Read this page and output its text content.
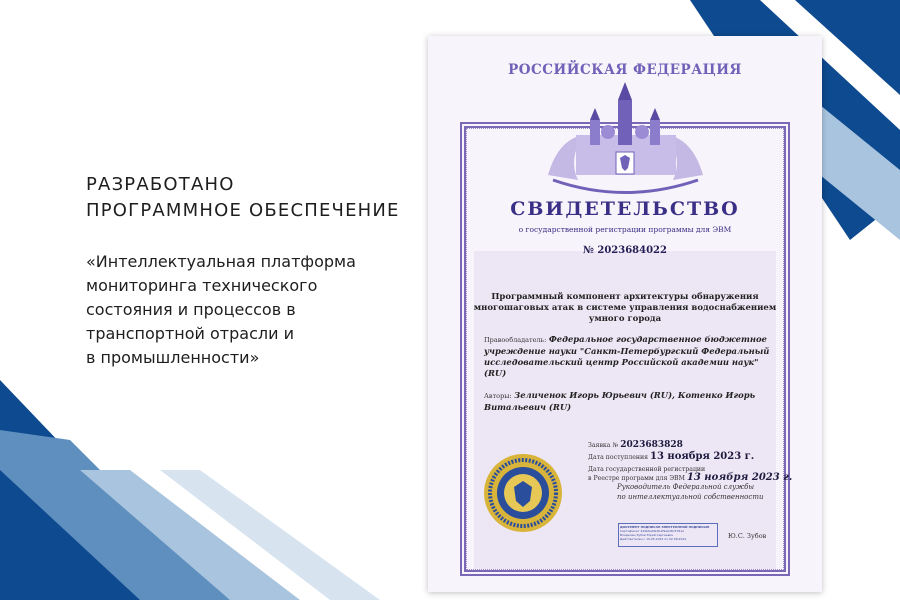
РАЗРАБОТАНО
ПРОГРАММНОЕ ОБЕСПЕЧЕНИЕ
«Интеллектуальная платформа
мониторинга технического
состояния и процессов в
транспортной отрасли и
в промышленности»
РОССИЙСКАЯ ФЕДЕРАЦИЯ
СВИДЕТЕЛЬСТВО
о государственной регистрации программы для ЭВМ
№ 2023684022
Программный компонент архитектуры обнаружения многошаговых атак в системе управления водоснабжением умного города
Правообладатель: Федеральное государственное бюджетное учреждение науки "Санкт-Петербургский Федеральный исследовательский центр Российской академии наук" (RU)
Авторы: Зеличенок Игорь Юрьевич (RU), Котенко Игорь Витальевич (RU)
Заявка № 2023683828
Дата поступления 13 ноября 2023 г.
Дата государственной регистрации
в Реестре программ для ЭВМ 13 ноября 2023 г.
Руководитель Федеральной службы
по интеллектуальной собственности
ДОКУМЕНТ ПОДПИСАН ЭЛЕКТРОННОЙ ПОДПИСЬЮ
Сертификат 429b6a0fe3b1f9a0d8c5781e
Владелец Зубов Юрий Сергеевич
Действителен с 10.05.2023 по 02.08.2024	Ю.С. Зубов
